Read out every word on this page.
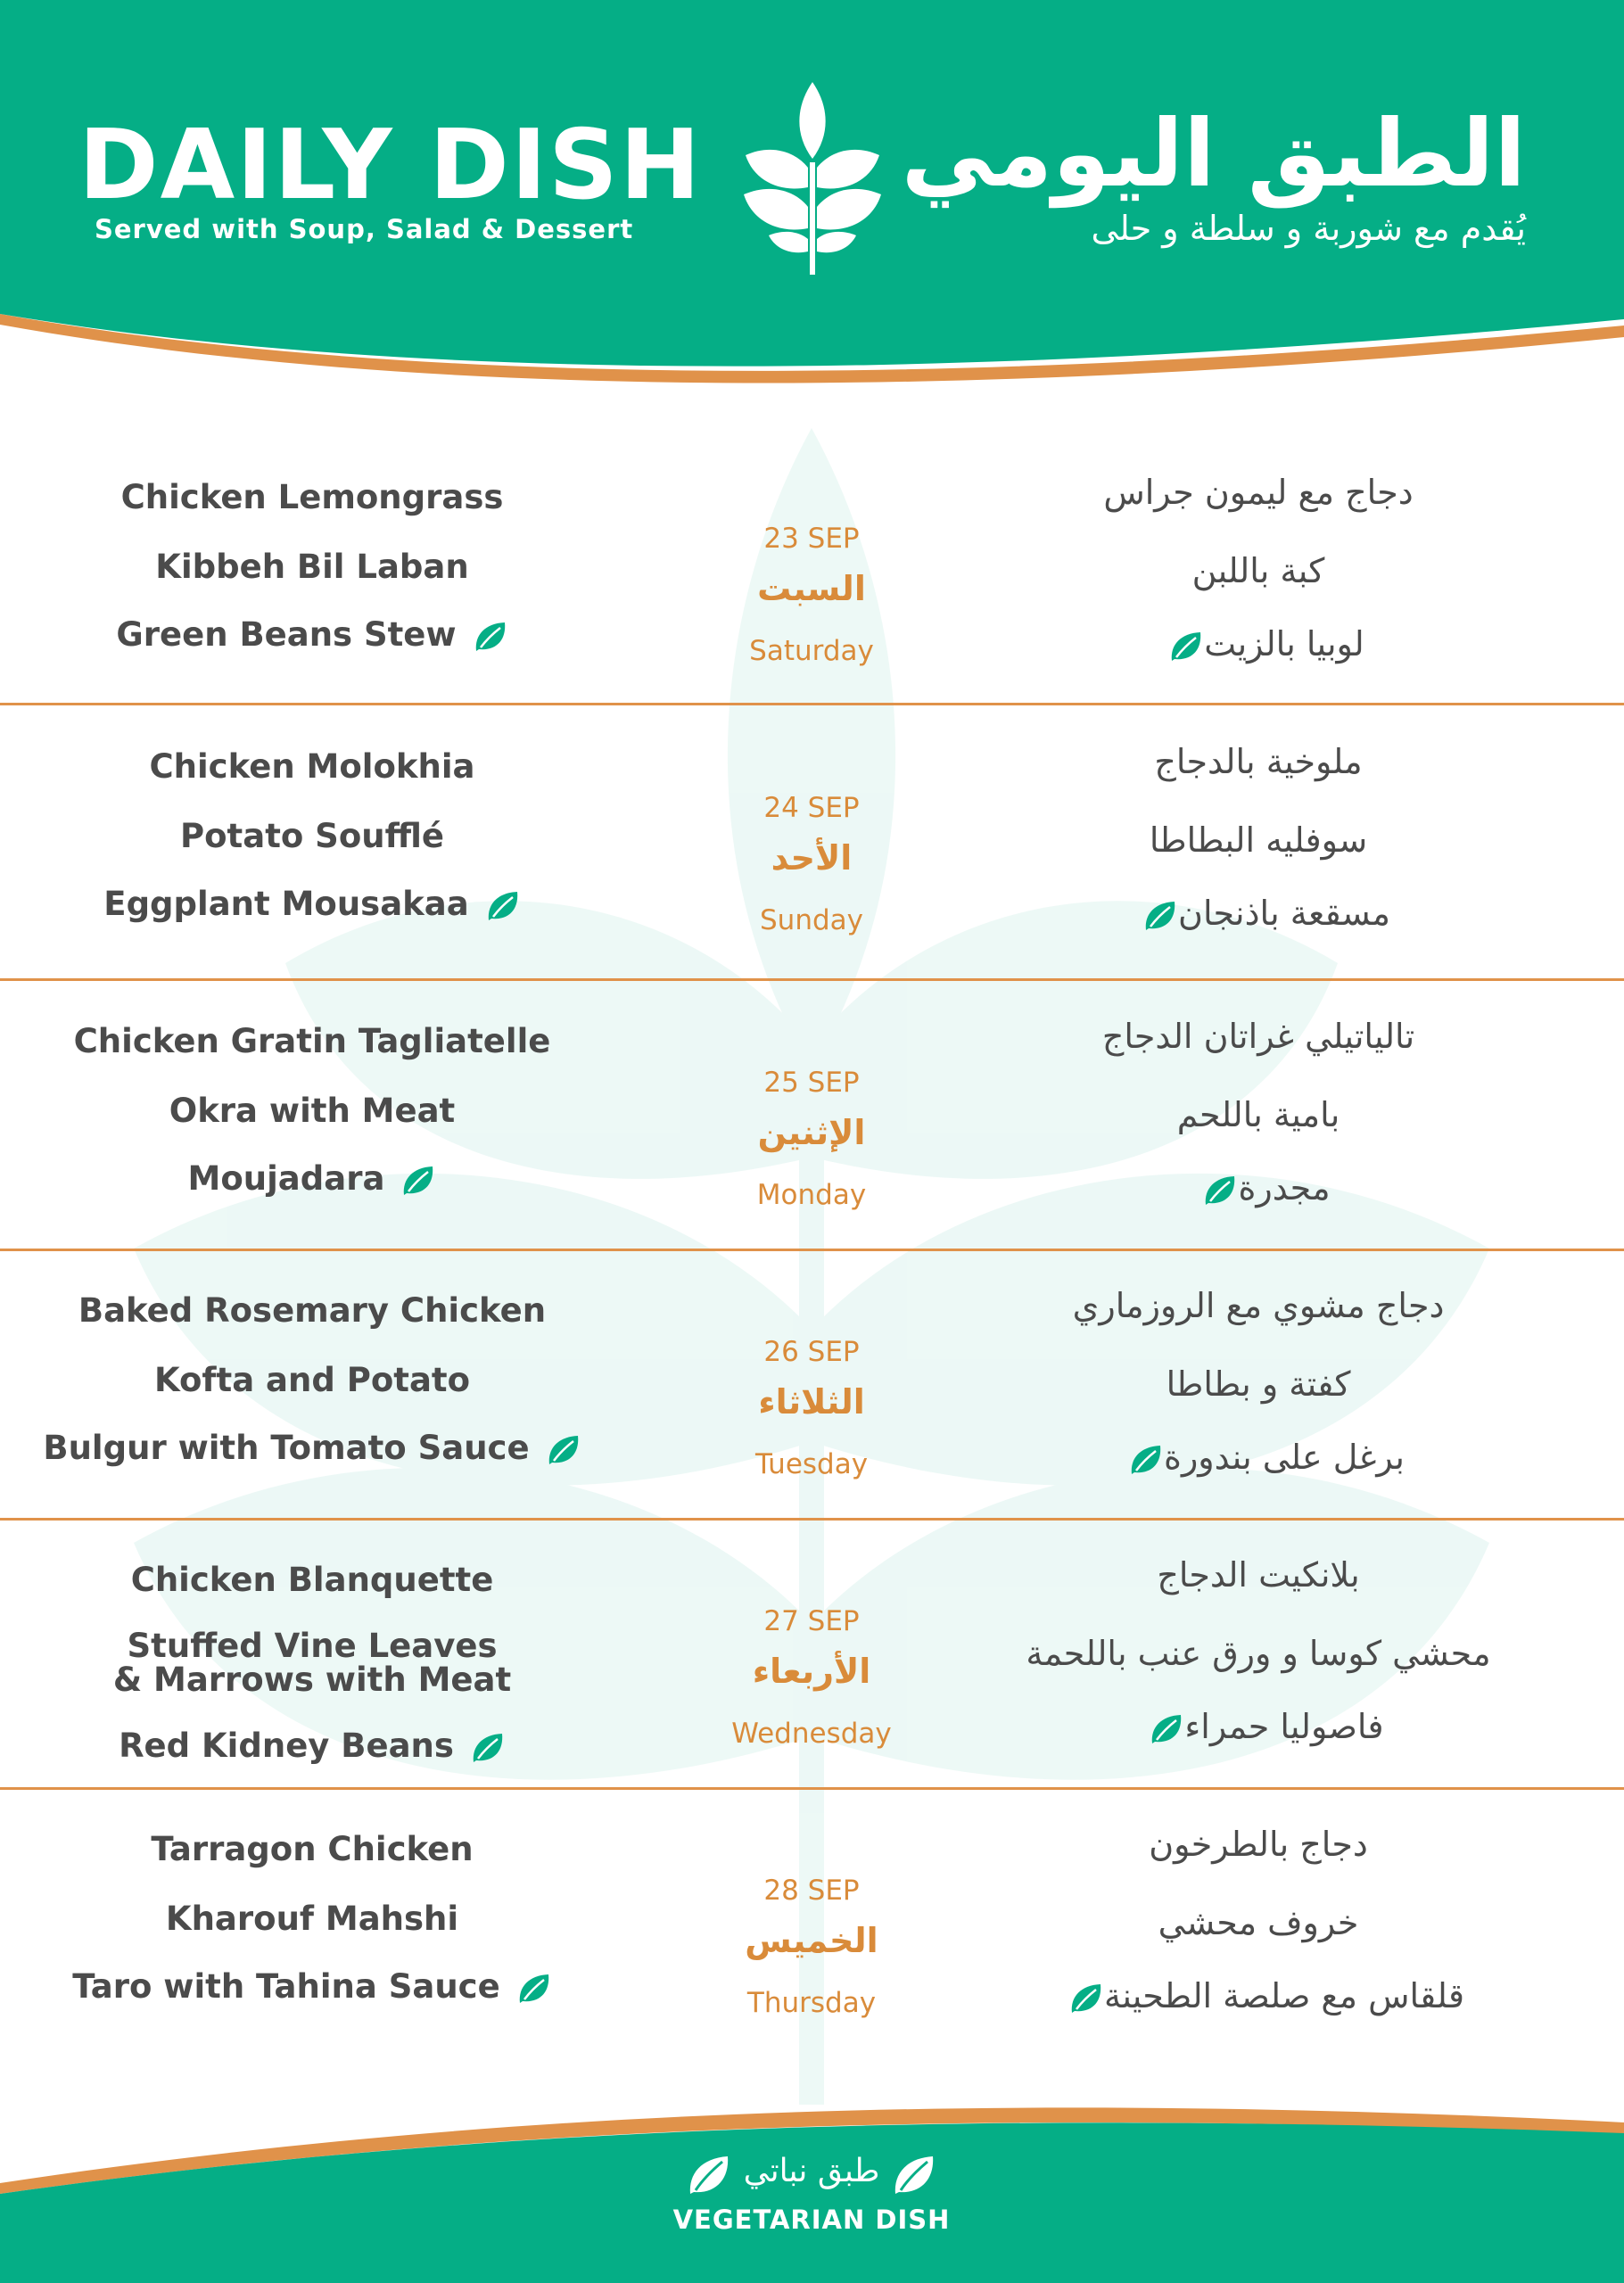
DAILY DISH
Served with Soup, Salad & Dessert
الطبق اليومي
يُقدم مع شوربة و سلطة و حلى
Chicken Lemongrass
Kibbeh Bil Laban
Green Beans Stew
23 SEP
السبت
Saturday
دجاج مع ليمون جراس
كبة باللبن
لوبيا بالزيت
Chicken Molokhia
Potato Soufflé
Eggplant Mousakaa
24 SEP
الأحد
Sunday
ملوخية بالدجاج
سوفليه البطاطا
مسقعة باذنجان
Chicken Gratin Tagliatelle
Okra with Meat
Moujadara
25 SEP
الإثنين
Monday
تالياتيلي غراتان الدجاج
بامية باللحم
مجدرة
Baked Rosemary Chicken
Kofta and Potato
Bulgur with Tomato Sauce
26 SEP
الثلاثاء
Tuesday
دجاج مشوي مع الروزماري
كفتة و بطاطا
برغل على بندورة
Chicken Blanquette
Stuffed Vine Leaves
& Marrows with Meat
Red Kidney Beans
27 SEP
الأربعاء
Wednesday
بلانكيت الدجاج
محشي كوسا و ورق عنب باللحمة
فاصوليا حمراء
Tarragon Chicken
Kharouf Mahshi
Taro with Tahina Sauce
28 SEP
الخميس
Thursday
دجاج بالطرخون
خروف محشي
قلقاس مع صلصة الطحينة
طبق نباتي
VEGETARIAN DISH
